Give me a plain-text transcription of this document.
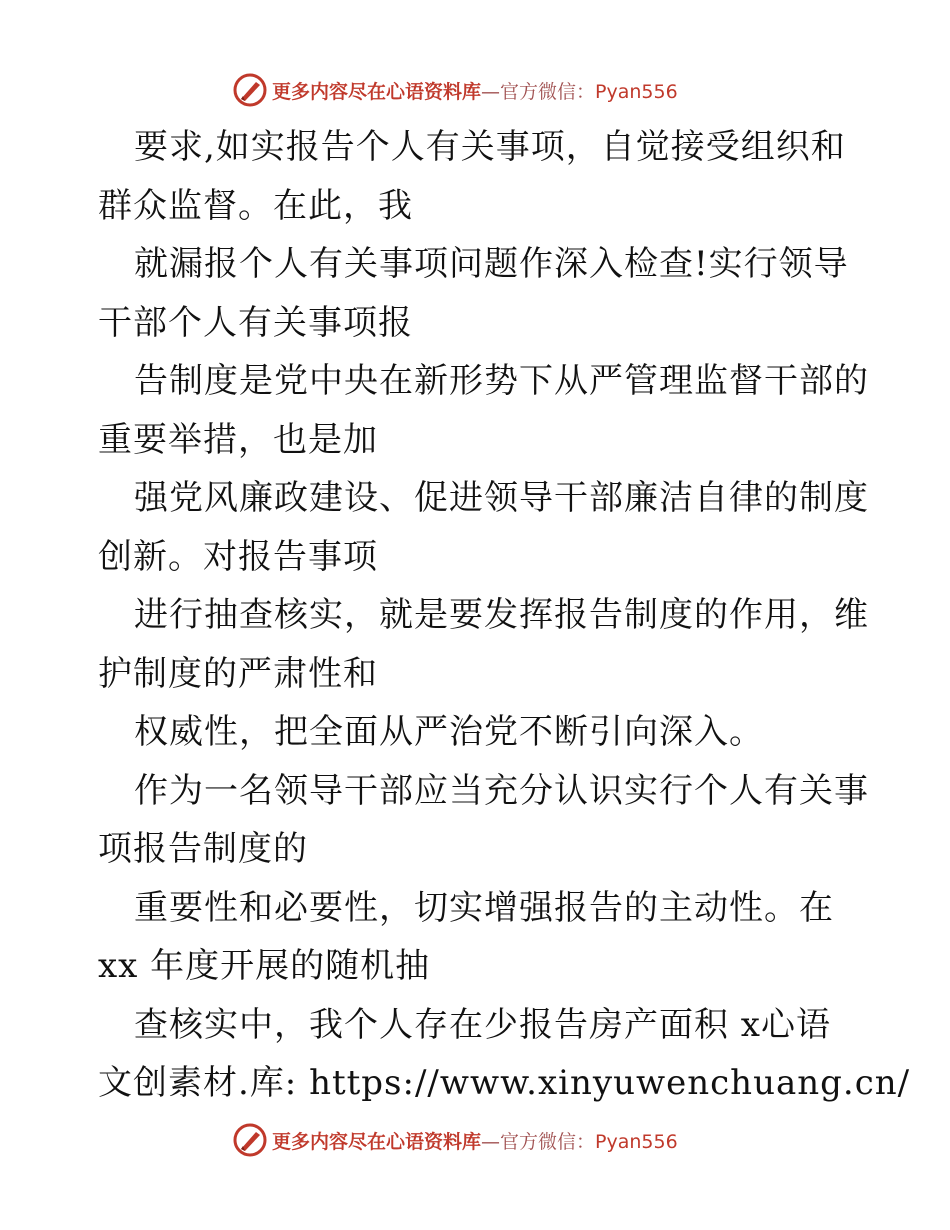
更多内容尽在心语资料库—官方微信：Pyan556
要求,如实报告个人有关事项，自觉接受组织和
群众监督。在此，我
就漏报个人有关事项问题作深入检查!实行领导
干部个人有关事项报
告制度是党中央在新形势下从严管理监督干部的
重要举措，也是加
强党风廉政建设、促进领导干部廉洁自律的制度
创新。对报告事项
进行抽查核实，就是要发挥报告制度的作用，维
护制度的严肃性和
权威性，把全面从严治党不断引向深入。
作为一名领导干部应当充分认识实行个人有关事
项报告制度的
重要性和必要性，切实增强报告的主动性。在
xx 年度开展的随机抽
查核实中，我个人存在少报告房产面积 x心语
文创素材.库: https://www.xinyuwenchuang.cn/
更多内容尽在心语资料库—官方微信：Pyan556
